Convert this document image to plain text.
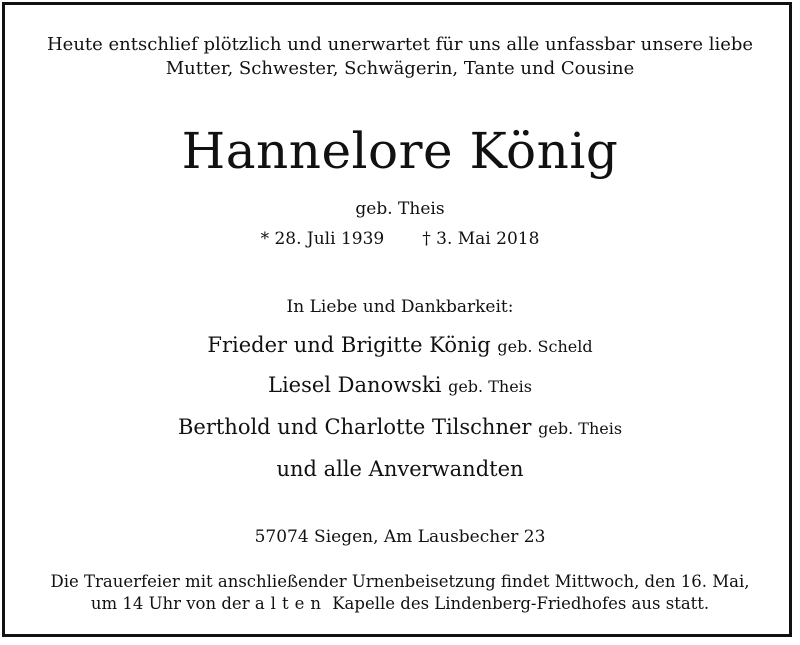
Heute entschlief plötzlich und unerwartet für uns alle unfassbar unsere liebe
Mutter, Schwester, Schwägerin, Tante und Cousine
Hannelore König
geb. Theis
* 28. Juli 1939 † 3. Mai 2018
In Liebe und Dankbarkeit:
Frieder und Brigitte König geb. Scheld
Liesel Danowski geb. Theis
Berthold und Charlotte Tilschner geb. Theis
und alle Anverwandten
57074 Siegen, Am Lausbecher 23
Die Trauerfeier mit anschließender Urnenbeisetzung findet Mittwoch, den 16. Mai,
um 14 Uhr von der alten Kapelle des Lindenberg-Friedhofes aus statt.
